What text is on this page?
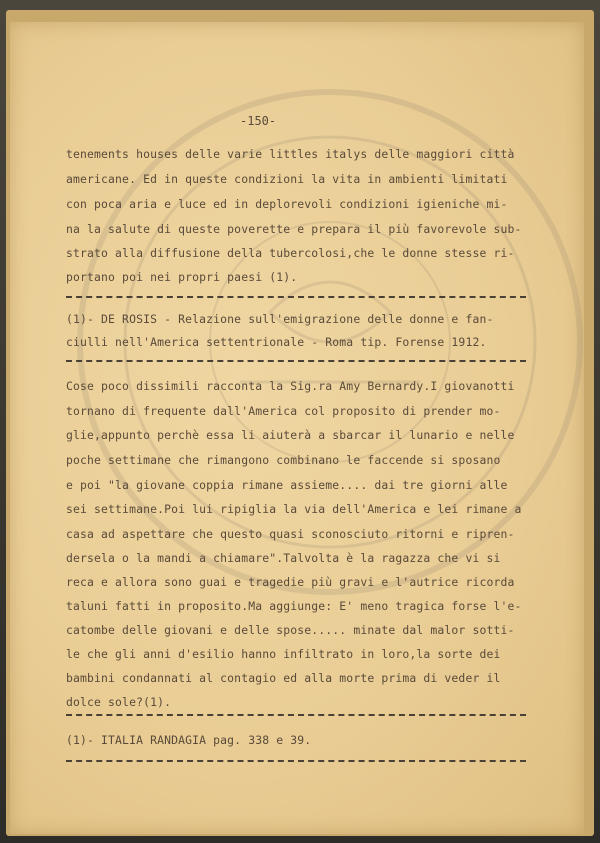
-150-
tenements houses delle varie littles italys delle maggiori città
americane. Ed in queste condizioni la vita in ambienti limitati
con poca aria e luce ed in deplorevoli condizioni igieniche mi-
na la salute di queste poverette e prepara il più favorevole sub-
strato alla diffusione della tubercolosi,che le donne stesse ri-
portano poi nei propri paesi (1).
(1)- DE ROSIS - Relazione sull'emigrazione delle donne e fan-
ciulli nell'America settentrionale - Roma tip. Forense 1912.
Cose poco dissimili racconta la Sig.ra Amy Bernardy.I giovanotti
tornano di frequente dall'America col proposito di prender mo-
glie,appunto perchè essa li aiuterà a sbarcar il lunario e nelle
poche settimane che rimangono combinano le faccende si sposano
e poi "la giovane coppia rimane assieme.... dai tre giorni alle
sei settimane.Poi lui ripiglia la via dell'America e lei rimane a
casa ad aspettare che questo quasi sconosciuto ritorni e ripren-
dersela o la mandi a chiamare".Talvolta è la ragazza che vi si
reca e allora sono guai e tragedie più gravi e l'autrice ricorda
taluni fatti in proposito.Ma aggiunge: E' meno tragica forse l'e-
catombe delle giovani e delle spose..... minate dal malor sotti-
le che gli anni d'esilio hanno infiltrato in loro,la sorte dei
bambini condannati al contagio ed alla morte prima di veder il
dolce sole?(1).
(1)- ITALIA RANDAGIA pag. 338 e 39.
